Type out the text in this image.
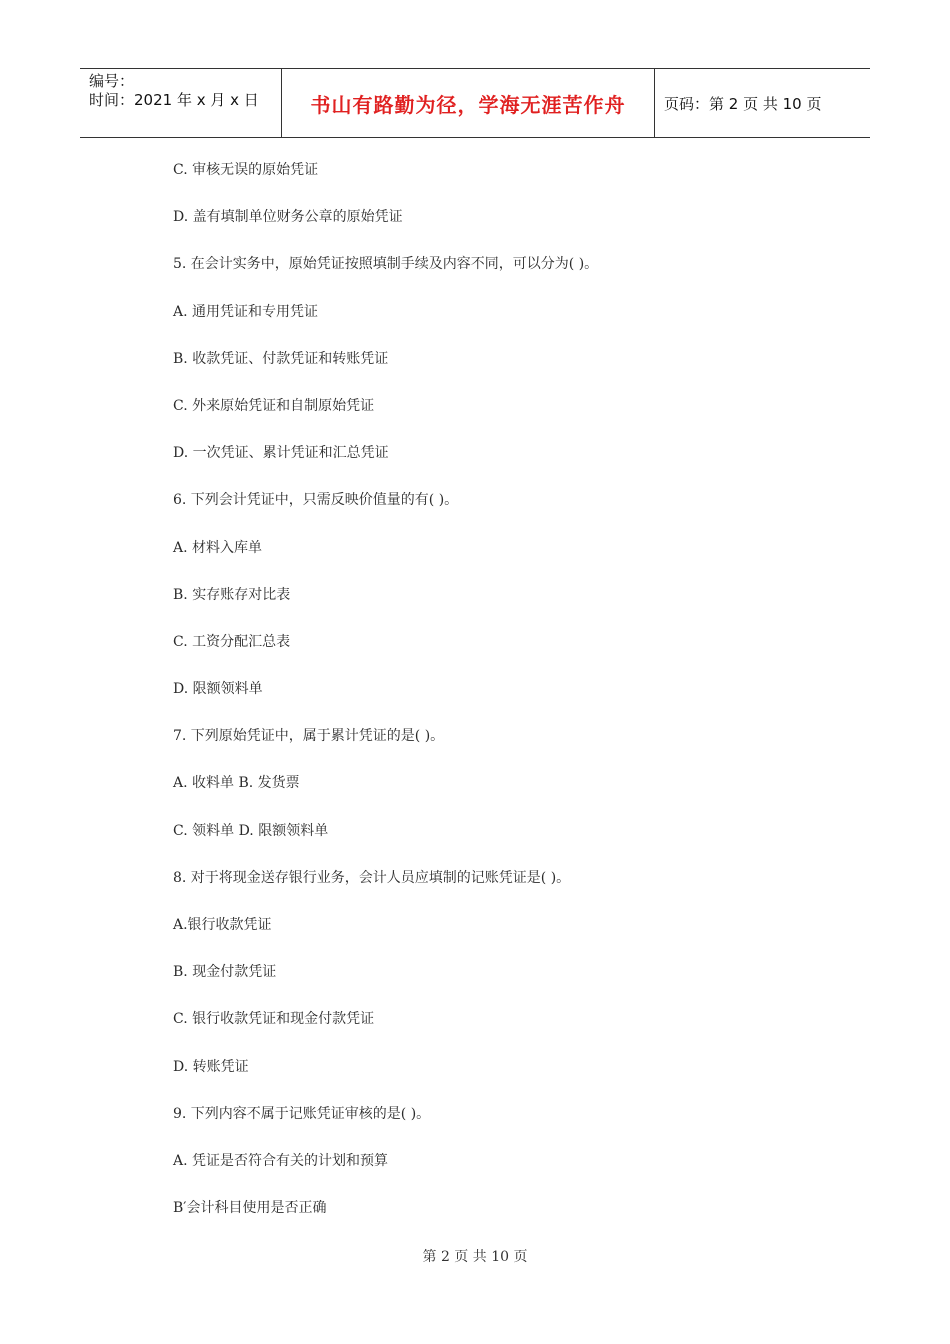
编号：
时间：2021 年 x 月 x 日	书山有路勤为径，学海无涯苦作舟	页码：第 2 页 共 10 页
C. 审核无误的原始凭证
D. 盖有填制单位财务公章的原始凭证
5. 在会计实务中，原始凭证按照填制手续及内容不同，可以分为( )。
A. 通用凭证和专用凭证
B. 收款凭证、付款凭证和转账凭证
C. 外来原始凭证和自制原始凭证
D. 一次凭证、累计凭证和汇总凭证
6. 下列会计凭证中，只需反映价值量的有( )。
A. 材料入库单
B. 实存账存对比表
C. 工资分配汇总表
D. 限额领料单
7. 下列原始凭证中，属于累计凭证的是( )。
A. 收料单 B. 发货票
C. 领料单 D. 限额领料单
8. 对于将现金送存银行业务，会计人员应填制的记账凭证是( )。
A.银行收款凭证
B. 现金付款凭证
C. 银行收款凭证和现金付款凭证
D. 转账凭证
9. 下列内容不属于记账凭证审核的是( )。
A. 凭证是否符合有关的计划和预算
B′会计科目使用是否正确
第 2 页 共 10 页
